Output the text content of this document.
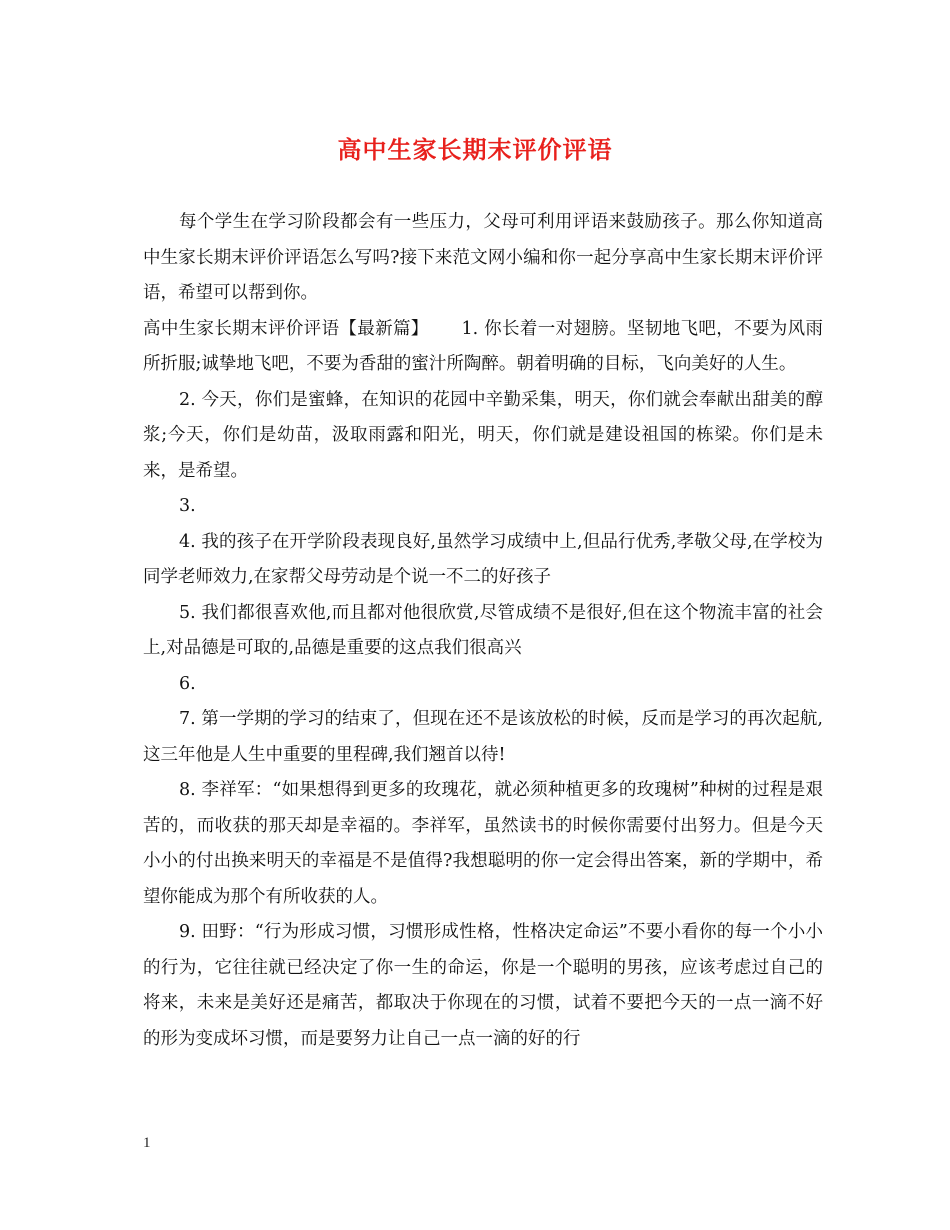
高中生家长期末评价评语

每个学生在学习阶段都会有一些压力，父母可利用评语来鼓励孩子。那么你知道高中生家长期末评价评语怎么写吗?接下来范文网小编和你一起分享高中生家长期末评价评语，希望可以帮到你。

高中生家长期末评价评语【最新篇】　　 1. 你长着一对翅膀。坚韧地飞吧，不要为风雨所折服;诚挚地飞吧，不要为香甜的蜜汁所陶醉。朝着明确的目标，飞向美好的人生。

2. 今天，你们是蜜蜂，在知识的花园中辛勤采集，明天，你们就会奉献出甜美的醇浆;今天，你们是幼苗，汲取雨露和阳光，明天，你们就是建设祖国的栋梁。你们是未来，是希望。

3.

4. 我的孩子在开学阶段表现良好,虽然学习成绩中上,但品行优秀,孝敬父母,在学校为同学老师效力,在家帮父母劳动是个说一不二的好孩子

5. 我们都很喜欢他,而且都对他很欣赏,尽管成绩不是很好,但在这个物流丰富的社会上,对品德是可取的,品德是重要的这点我们很高兴

6.

7. 第一学期的学习的结束了，但现在还不是该放松的时候，反而是学习的再次起航,这三年他是人生中重要的里程碑,我们翘首以待!

8. 李祥军：“如果想得到更多的玫瑰花，就必须种植更多的玫瑰树”种树的过程是艰苦的，而收获的那天却是幸福的。李祥军，虽然读书的时候你需要付出努力。但是今天小小的付出换来明天的幸福是不是值得?我想聪明的你一定会得出答案，新的学期中，希望你能成为那个有所收获的人。

9. 田野：“行为形成习惯，习惯形成性格，性格决定命运”不要小看你的每一个小小的行为，它往往就已经决定了你一生的命运，你是一个聪明的男孩，应该考虑过自己的将来，未来是美好还是痛苦，都取决于你现在的习惯，试着不要把今天的一点一滴不好的形为变成坏习惯，而是要努力让自己一点一滴的好的行

1
